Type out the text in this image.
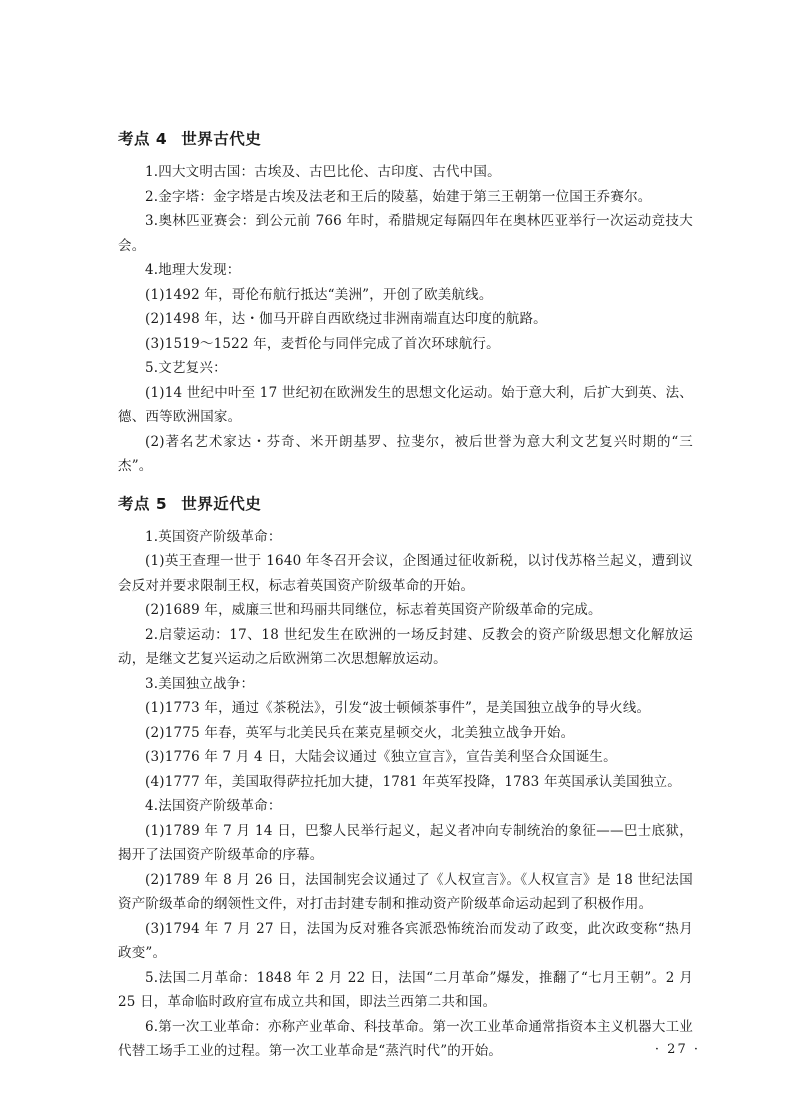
考点 4 世界古代史

1.四大文明古国：古埃及、古巴比伦、古印度、古代中国。

2.金字塔：金字塔是古埃及法老和王后的陵墓，始建于第三王朝第一位国王乔赛尔。

3.奥林匹亚赛会：到公元前 766 年时，希腊规定每隔四年在奥林匹亚举行一次运动竞技大会。

4.地理大发现：

(1)1492 年，哥伦布航行抵达“美洲”，开创了欧美航线。

(2)1498 年，达・伽马开辟自西欧绕过非洲南端直达印度的航路。

(3)1519～1522 年，麦哲伦与同伴完成了首次环球航行。

5.文艺复兴：

(1)14 世纪中叶至 17 世纪初在欧洲发生的思想文化运动。始于意大利，后扩大到英、法、德、西等欧洲国家。

(2)著名艺术家达・芬奇、米开朗基罗、拉斐尔，被后世誉为意大利文艺复兴时期的“三杰”。

考点 5 世界近代史

1.英国资产阶级革命：

(1)英王查理一世于 1640 年冬召开会议，企图通过征收新税，以讨伐苏格兰起义，遭到议会反对并要求限制王权，标志着英国资产阶级革命的开始。

(2)1689 年，威廉三世和玛丽共同继位，标志着英国资产阶级革命的完成。

2.启蒙运动：17、18 世纪发生在欧洲的一场反封建、反教会的资产阶级思想文化解放运动，是继文艺复兴运动之后欧洲第二次思想解放运动。

3.美国独立战争：

(1)1773 年，通过《茶税法》，引发“波士顿倾茶事件”，是美国独立战争的导火线。

(2)1775 年春，英军与北美民兵在莱克星顿交火，北美独立战争开始。

(3)1776 年 7 月 4 日，大陆会议通过《独立宣言》，宣告美利坚合众国诞生。

(4)1777 年，美国取得萨拉托加大捷，1781 年英军投降，1783 年英国承认美国独立。

4.法国资产阶级革命：

(1)1789 年 7 月 14 日，巴黎人民举行起义，起义者冲向专制统治的象征——巴士底狱，揭开了法国资产阶级革命的序幕。

(2)1789 年 8 月 26 日，法国制宪会议通过了《人权宣言》。《人权宣言》是 18 世纪法国资产阶级革命的纲领性文件，对打击封建专制和推动资产阶级革命运动起到了积极作用。

(3)1794 年 7 月 27 日，法国为反对雅各宾派恐怖统治而发动了政变，此次政变称“热月政变”。

5.法国二月革命：1848 年 2 月 22 日，法国“二月革命”爆发，推翻了“七月王朝”。2 月 25 日，革命临时政府宣布成立共和国，即法兰西第二共和国。

6.第一次工业革命：亦称产业革命、科技革命。第一次工业革命通常指资本主义机器大工业代替工场手工业的过程。第一次工业革命是“蒸汽时代”的开始。	· 27 ·
